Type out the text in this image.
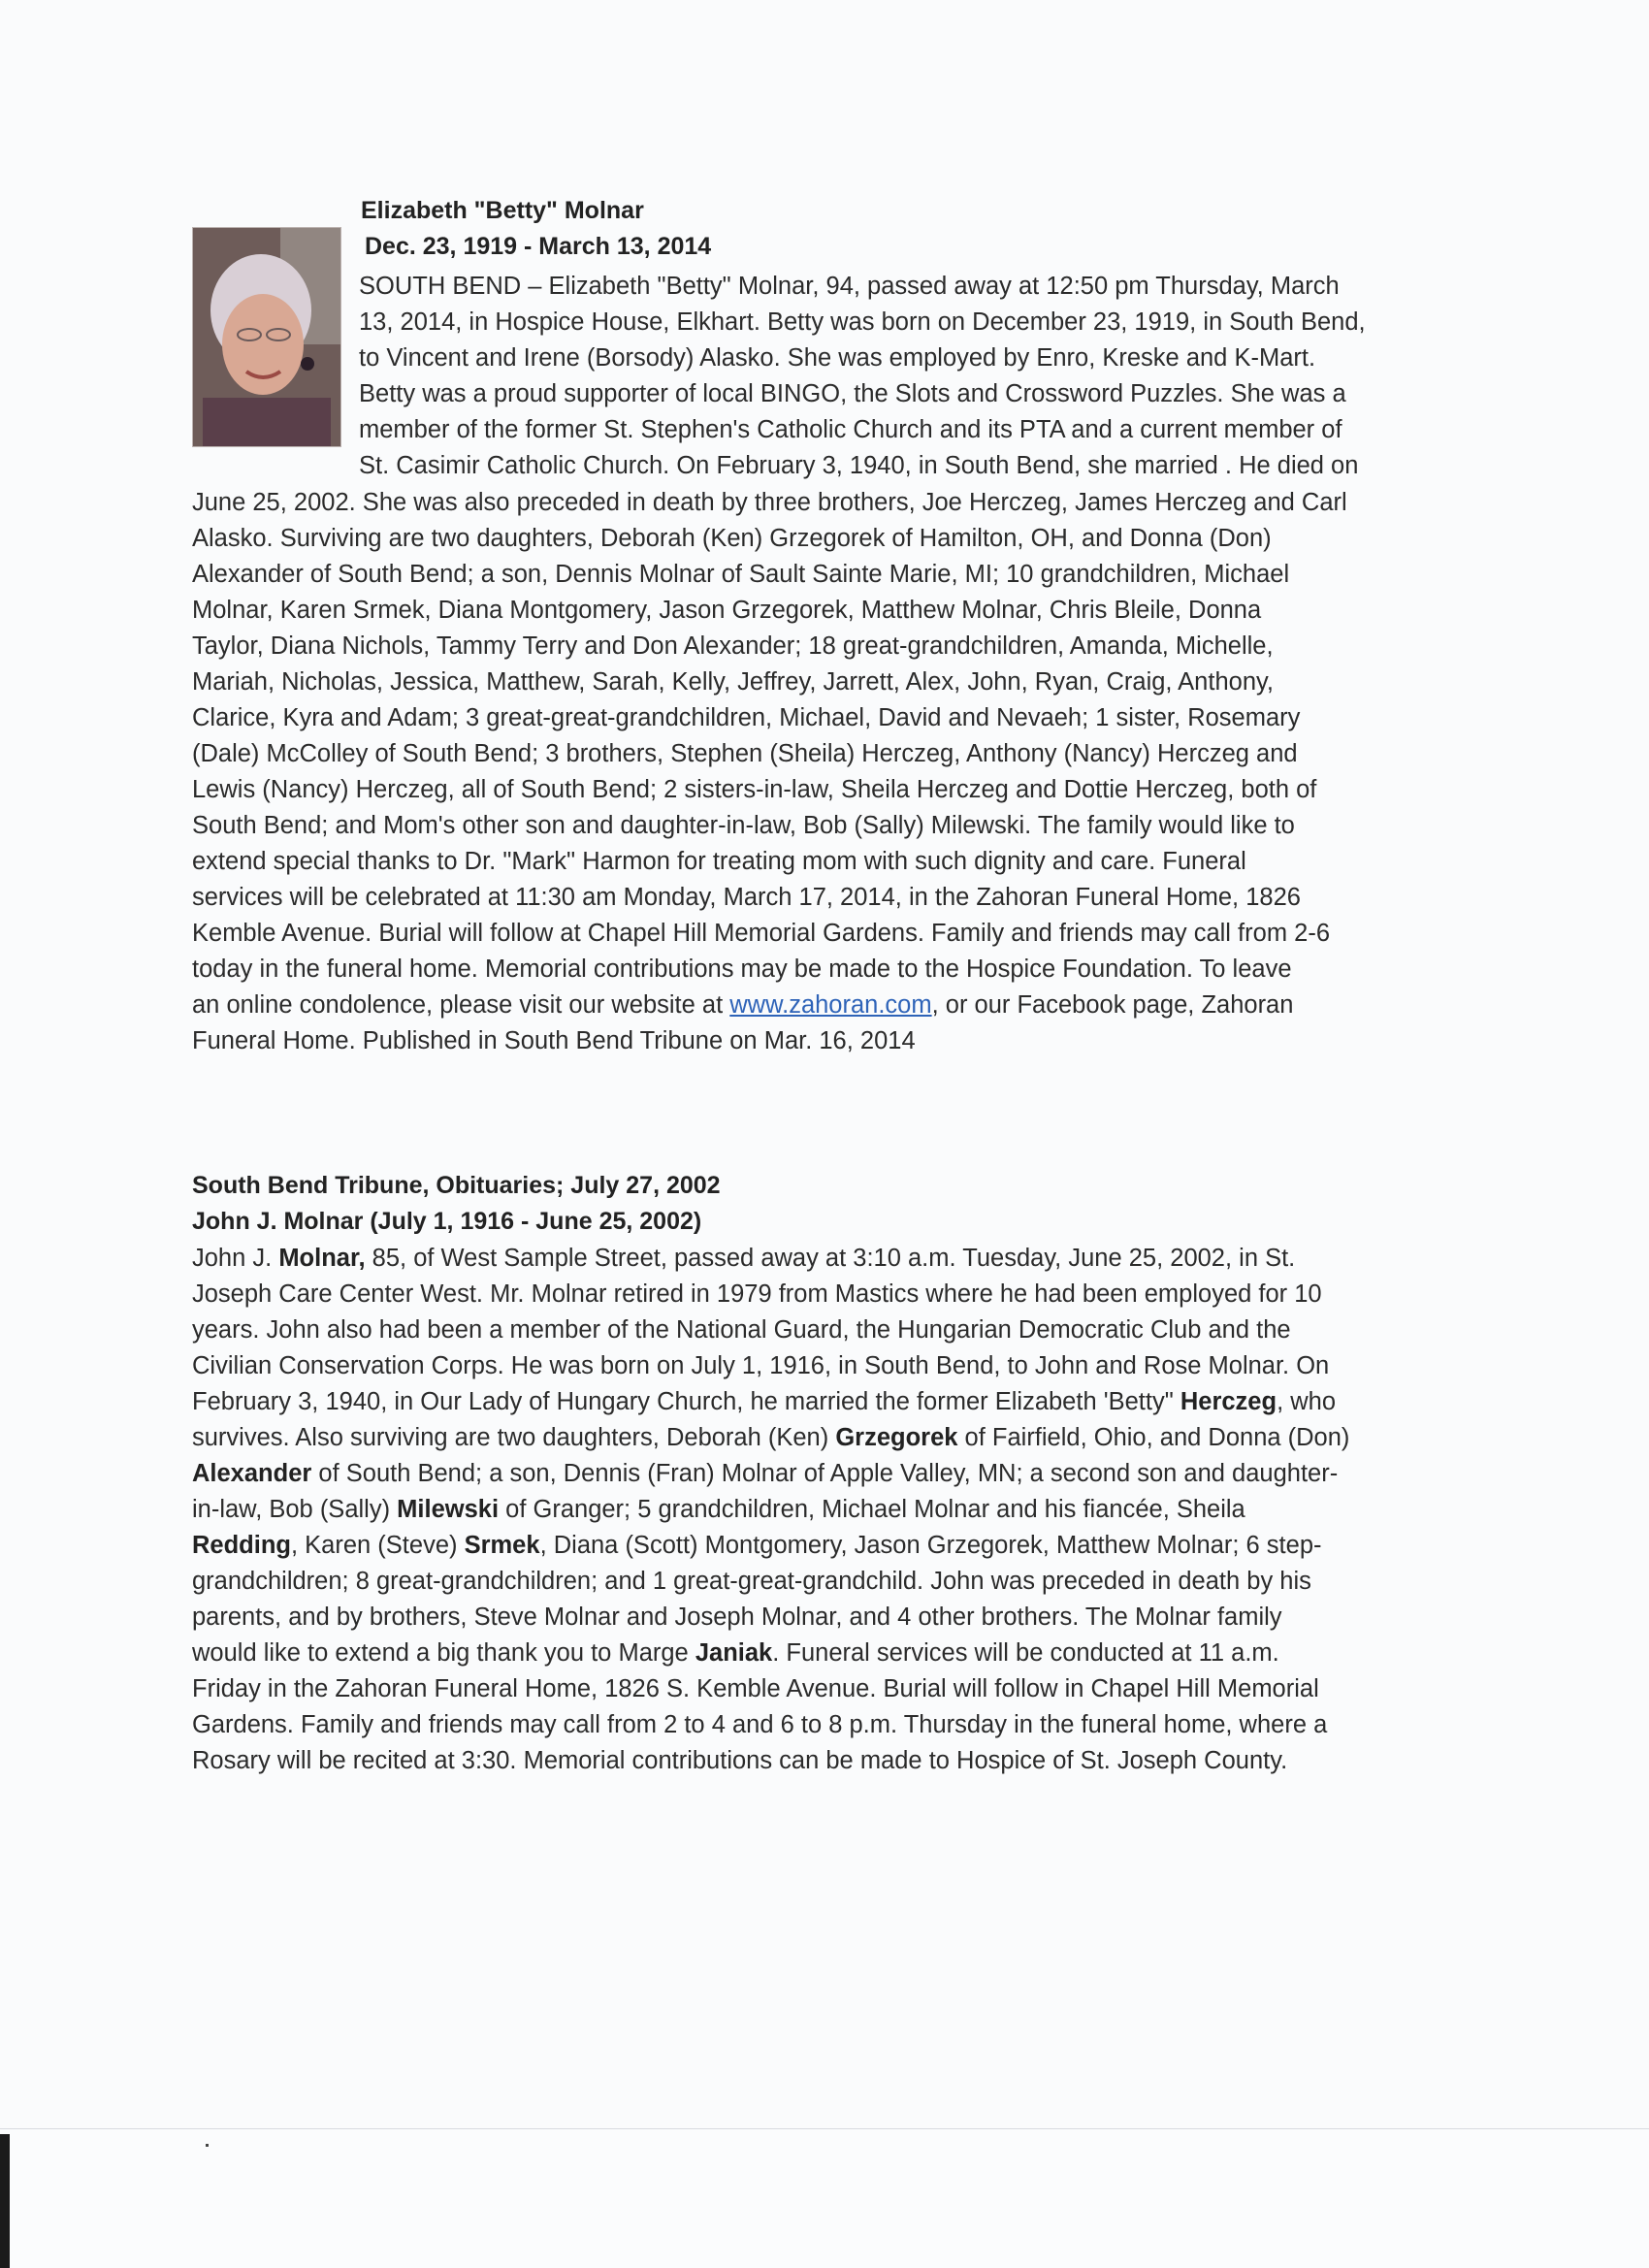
Elizabeth "Betty" Molnar
Dec. 23, 1919 - March 13, 2014
SOUTH BEND – Elizabeth "Betty" Molnar, 94, passed away at 12:50 pm Thursday, March
13, 2014, in Hospice House, Elkhart. Betty was born on December 23, 1919, in South Bend,
to Vincent and Irene (Borsody) Alasko. She was employed by Enro, Kreske and K-Mart.
Betty was a proud supporter of local BINGO, the Slots and Crossword Puzzles. She was a
member of the former St. Stephen's Catholic Church and its PTA and a current member of
St. Casimir Catholic Church. On February 3, 1940, in South Bend, she married . He died on
June 25, 2002. She was also preceded in death by three brothers, Joe Herczeg, James Herczeg and Carl
Alasko. Surviving are two daughters, Deborah (Ken) Grzegorek of Hamilton, OH, and Donna (Don)
Alexander of South Bend; a son, Dennis Molnar of Sault Sainte Marie, MI; 10 grandchildren, Michael
Molnar, Karen Srmek, Diana Montgomery, Jason Grzegorek, Matthew Molnar, Chris Bleile, Donna
Taylor, Diana Nichols, Tammy Terry and Don Alexander; 18 great-grandchildren, Amanda, Michelle,
Mariah, Nicholas, Jessica, Matthew, Sarah, Kelly, Jeffrey, Jarrett, Alex, John, Ryan, Craig, Anthony,
Clarice, Kyra and Adam; 3 great-great-grandchildren, Michael, David and Nevaeh; 1 sister, Rosemary
(Dale) McColley of South Bend; 3 brothers, Stephen (Sheila) Herczeg, Anthony (Nancy) Herczeg and
Lewis (Nancy) Herczeg, all of South Bend; 2 sisters-in-law, Sheila Herczeg and Dottie Herczeg, both of
South Bend; and Mom's other son and daughter-in-law, Bob (Sally) Milewski. The family would like to
extend special thanks to Dr. "Mark" Harmon for treating mom with such dignity and care. Funeral
services will be celebrated at 11:30 am Monday, March 17, 2014, in the Zahoran Funeral Home, 1826
Kemble Avenue. Burial will follow at Chapel Hill Memorial Gardens. Family and friends may call from 2-6
today in the funeral home. Memorial contributions may be made to the Hospice Foundation. To leave
an online condolence, please visit our website at www.zahoran.com, or our Facebook page, Zahoran
Funeral Home. Published in South Bend Tribune on Mar. 16, 2014
South Bend Tribune, Obituaries; July 27, 2002
John J. Molnar (July 1, 1916 - June 25, 2002)
John J. Molnar, 85, of West Sample Street, passed away at 3:10 a.m. Tuesday, June 25, 2002, in St.
Joseph Care Center West. Mr. Molnar retired in 1979 from Mastics where he had been employed for 10
years. John also had been a member of the National Guard, the Hungarian Democratic Club and the
Civilian Conservation Corps. He was born on July 1, 1916, in South Bend, to John and Rose Molnar. On
February 3, 1940, in Our Lady of Hungary Church, he married the former Elizabeth 'Betty" Herczeg, who
survives. Also surviving are two daughters, Deborah (Ken) Grzegorek of Fairfield, Ohio, and Donna (Don)
Alexander of South Bend; a son, Dennis (Fran) Molnar of Apple Valley, MN; a second son and daughter-
in-law, Bob (Sally) Milewski of Granger; 5 grandchildren, Michael Molnar and his fiancée, Sheila
Redding, Karen (Steve) Srmek, Diana (Scott) Montgomery, Jason Grzegorek, Matthew Molnar; 6 step-
grandchildren; 8 great-grandchildren; and 1 great-great-grandchild. John was preceded in death by his
parents, and by brothers, Steve Molnar and Joseph Molnar, and 4 other brothers. The Molnar family
would like to extend a big thank you to Marge Janiak. Funeral services will be conducted at 11 a.m.
Friday in the Zahoran Funeral Home, 1826 S. Kemble Avenue. Burial will follow in Chapel Hill Memorial
Gardens. Family and friends may call from 2 to 4 and 6 to 8 p.m. Thursday in the funeral home, where a
Rosary will be recited at 3:30. Memorial contributions can be made to Hospice of St. Joseph County.
